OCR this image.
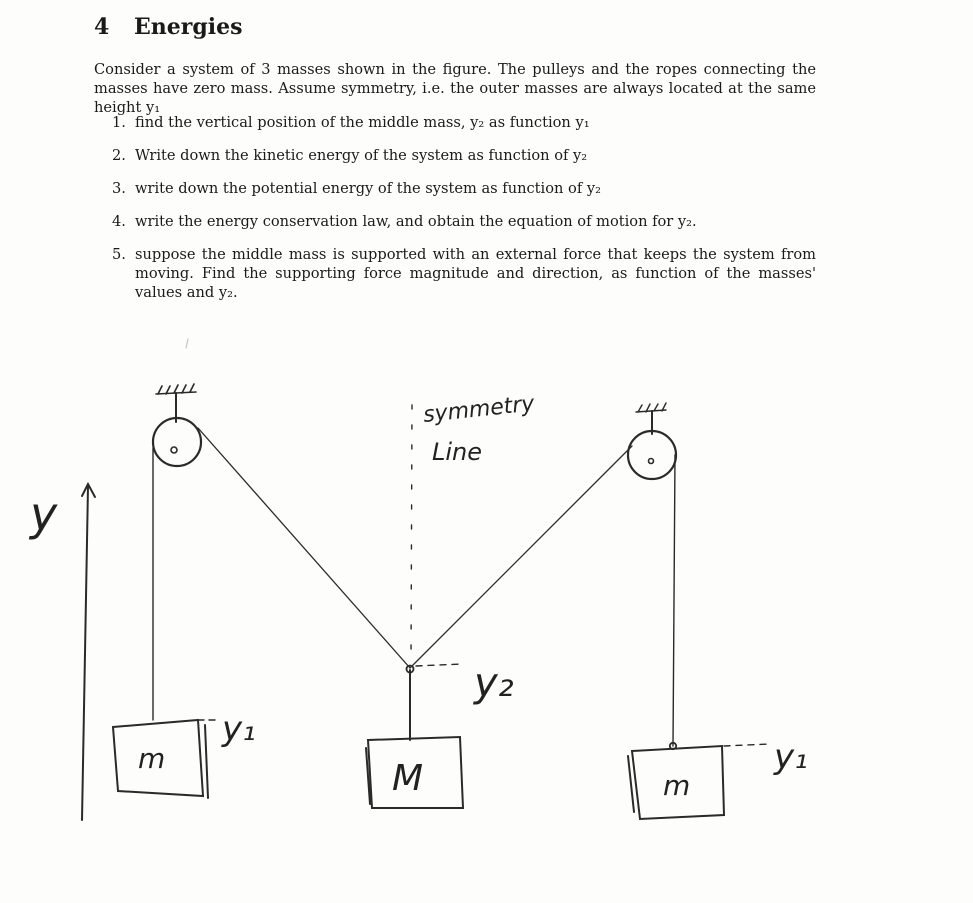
4 Energies

Consider a system of 3 masses shown in the figure. The pulleys and the ropes connecting the masses have zero mass. Assume symmetry, i.e. the outer masses are always located at the same height y₁

1. find the vertical position of the middle mass, y₂ as function y₁
2. Write down the kinetic energy of the system as function of y₂
3. write down the potential energy of the system as function of y₂
4. write the energy conservation law, and obtain the equation of motion for y₂.
5. suppose the middle mass is supported with an external force that keeps the system from moving. Find the supporting force magnitude and direction, as function of the masses' values and y₂.
y
symmetry
Line
m	M	m
y₁
y₂
y₁
